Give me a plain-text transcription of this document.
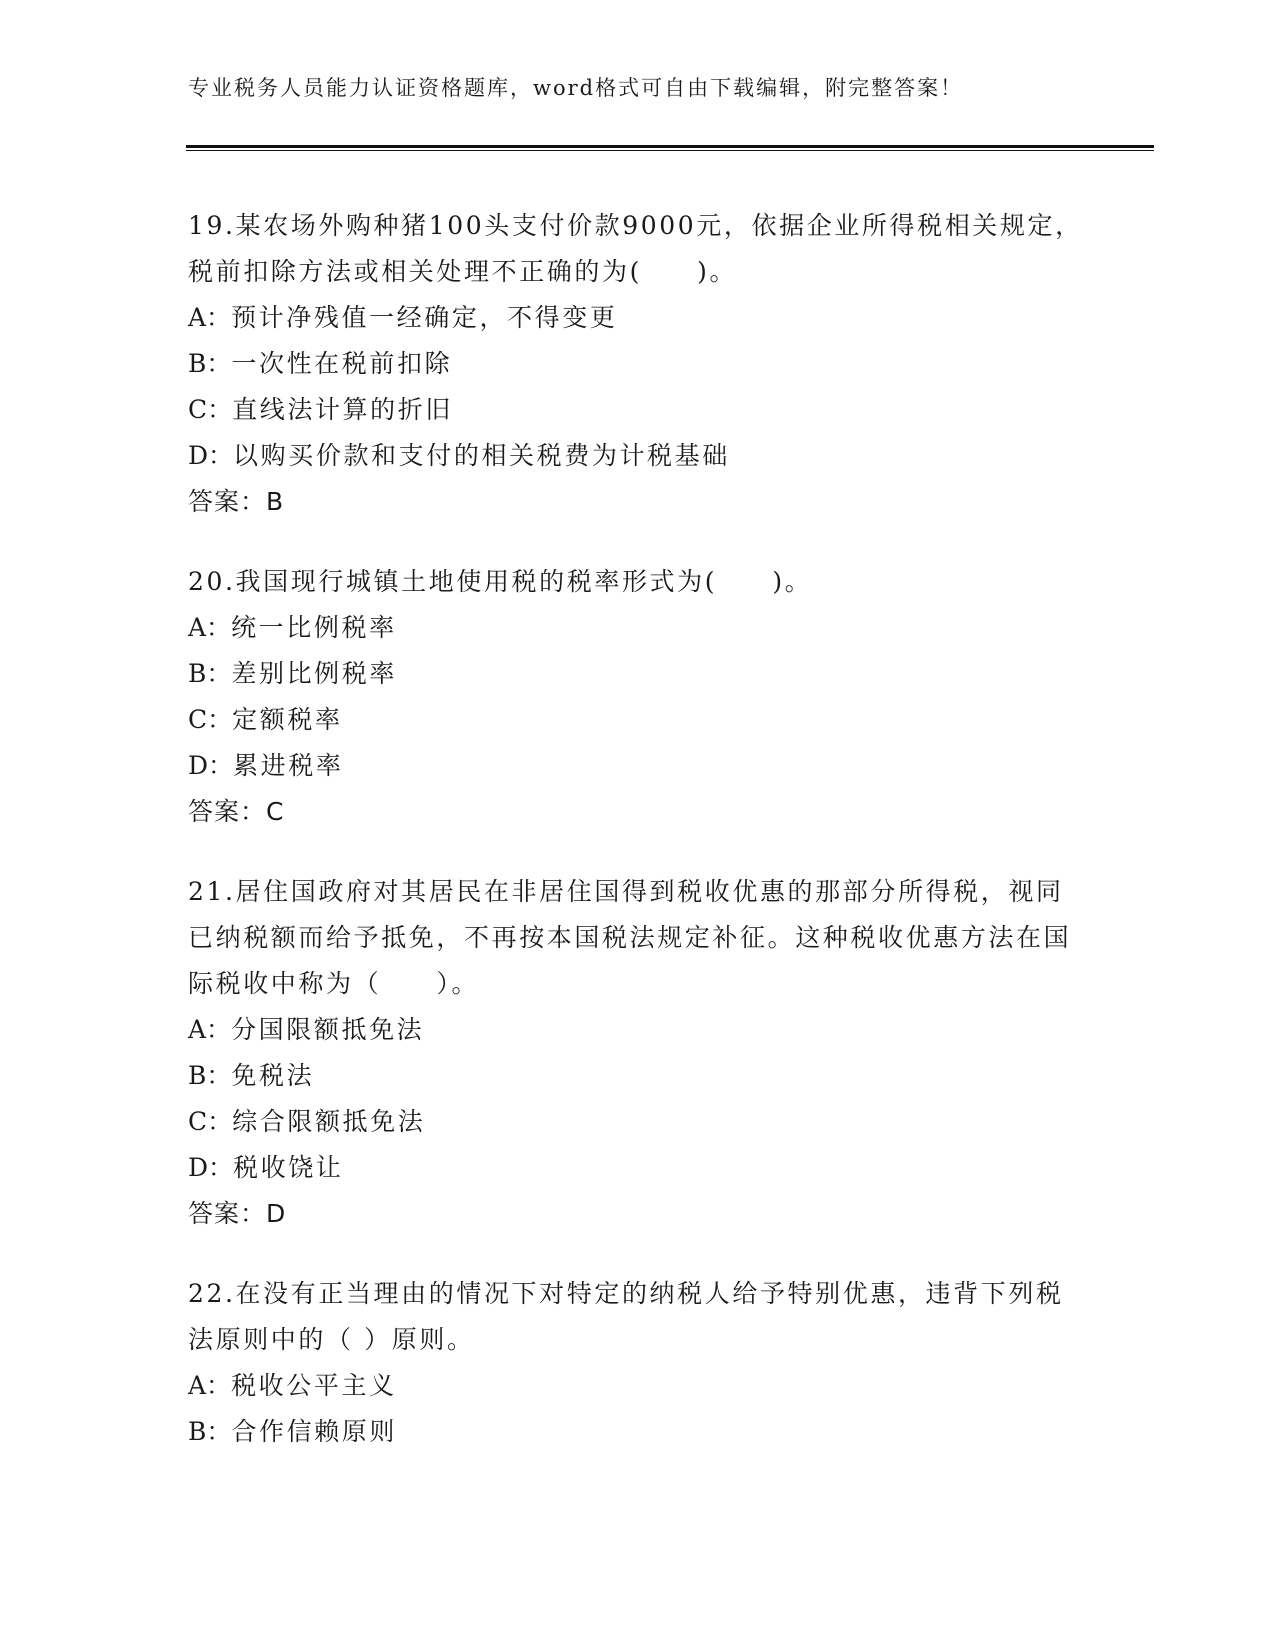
专业税务人员能力认证资格题库，word格式可自由下载编辑，附完整答案！
19.某农场外购种猪100头支付价款9000元，依据企业所得税相关规定，税前扣除方法或相关处理不正确的为(　　)。
A：预计净残值一经确定，不得变更
B：一次性在税前扣除
C：直线法计算的折旧
D：以购买价款和支付的相关税费为计税基础
答案：B
20.我国现行城镇土地使用税的税率形式为(　　)。
A：统一比例税率
B：差别比例税率
C：定额税率
D：累进税率
答案：C
21.居住国政府对其居民在非居住国得到税收优惠的那部分所得税，视同已纳税额而给予抵免，不再按本国税法规定补征。这种税收优惠方法在国际税收中称为（　　）。
A：分国限额抵免法
B：免税法
C：综合限额抵免法
D：税收饶让
答案：D
22.在没有正当理由的情况下对特定的纳税人给予特别优惠，违背下列税法原则中的（ ）原则。
A：税收公平主义
B：合作信赖原则
